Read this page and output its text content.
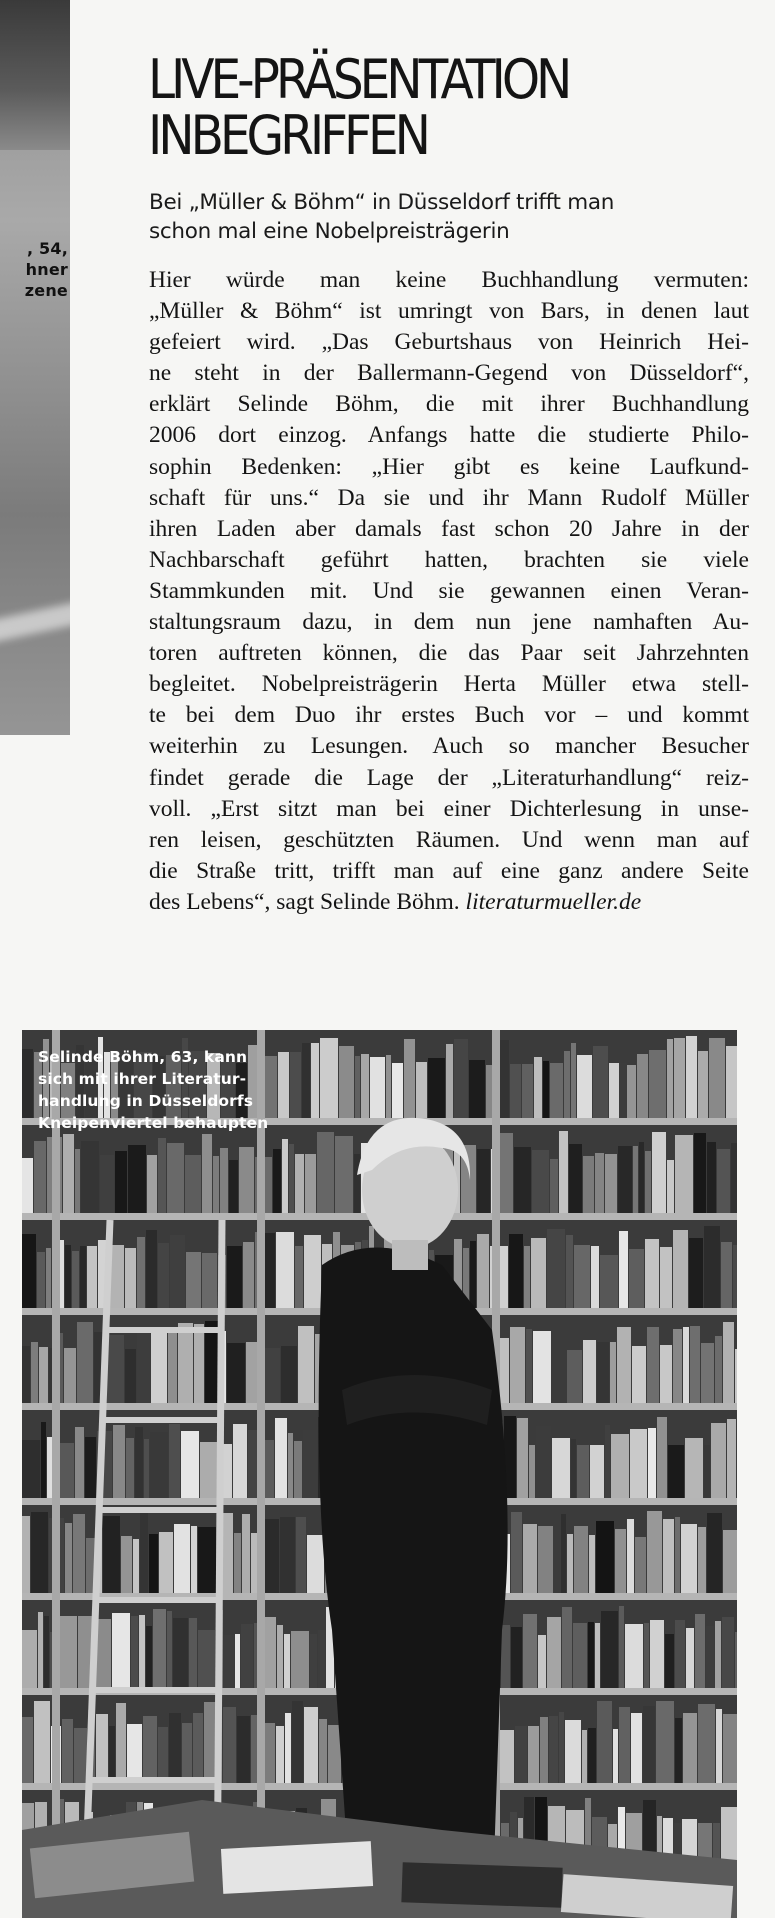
, 54,
hner
zene
LIVE-PRÄSENTATION
INBEGRIFFEN
Bei „Müller & Böhm“ in Düsseldorf trifft man
schon mal eine Nobelpreisträgerin
Hier würde man keine Buchhandlung vermuten:
„Müller & Böhm“ ist umringt von Bars, in denen laut
gefeiert wird. „Das Geburtshaus von Heinrich Hei-
ne steht in der Ballermann-Gegend von Düsseldorf“,
erklärt Selinde Böhm, die mit ihrer Buchhandlung
2006 dort einzog. Anfangs hatte die studierte Philo-
sophin Bedenken: „Hier gibt es keine Laufkund-
schaft für uns.“ Da sie und ihr Mann Rudolf Müller
ihren Laden aber damals fast schon 20 Jahre in der
Nachbarschaft geführt hatten, brachten sie viele
Stammkunden mit. Und sie gewannen einen Veran-
staltungsraum dazu, in dem nun jene namhaften Au-
toren auftreten können, die das Paar seit Jahrzehnten
begleitet. Nobelpreisträgerin Herta Müller etwa stell-
te bei dem Duo ihr erstes Buch vor – und kommt
weiterhin zu Lesungen. Auch so mancher Besucher
findet gerade die Lage der „Literaturhandlung“ reiz-
voll. „Erst sitzt man bei einer Dichterlesung in unse-
ren leisen, geschützten Räumen. Und wenn man auf
die Straße tritt, trifft man auf eine ganz andere Seite
des Lebens“, sagt Selinde Böhm. literaturmueller.de
Selinde Böhm, 63, kann
sich mit ihrer Literatur-
handlung in Düsseldorfs
Kneipenviertel behaupten
